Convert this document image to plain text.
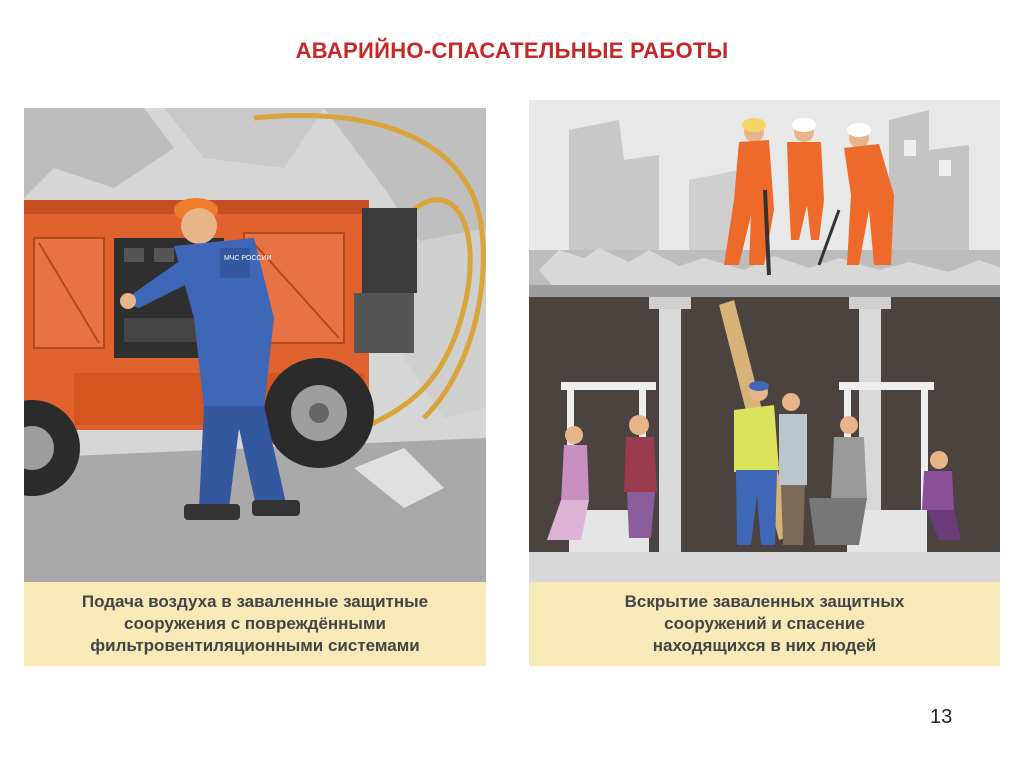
АВАРИЙНО-СПАСАТЕЛЬНЫЕ РАБОТЫ
МЧС РОССИИ
Подача воздуха в заваленные защитные
сооружения с повреждёнными
фильтровентиляционными системами
Вскрытие заваленных защитных
сооружений и спасение
находящихся в них людей
13
